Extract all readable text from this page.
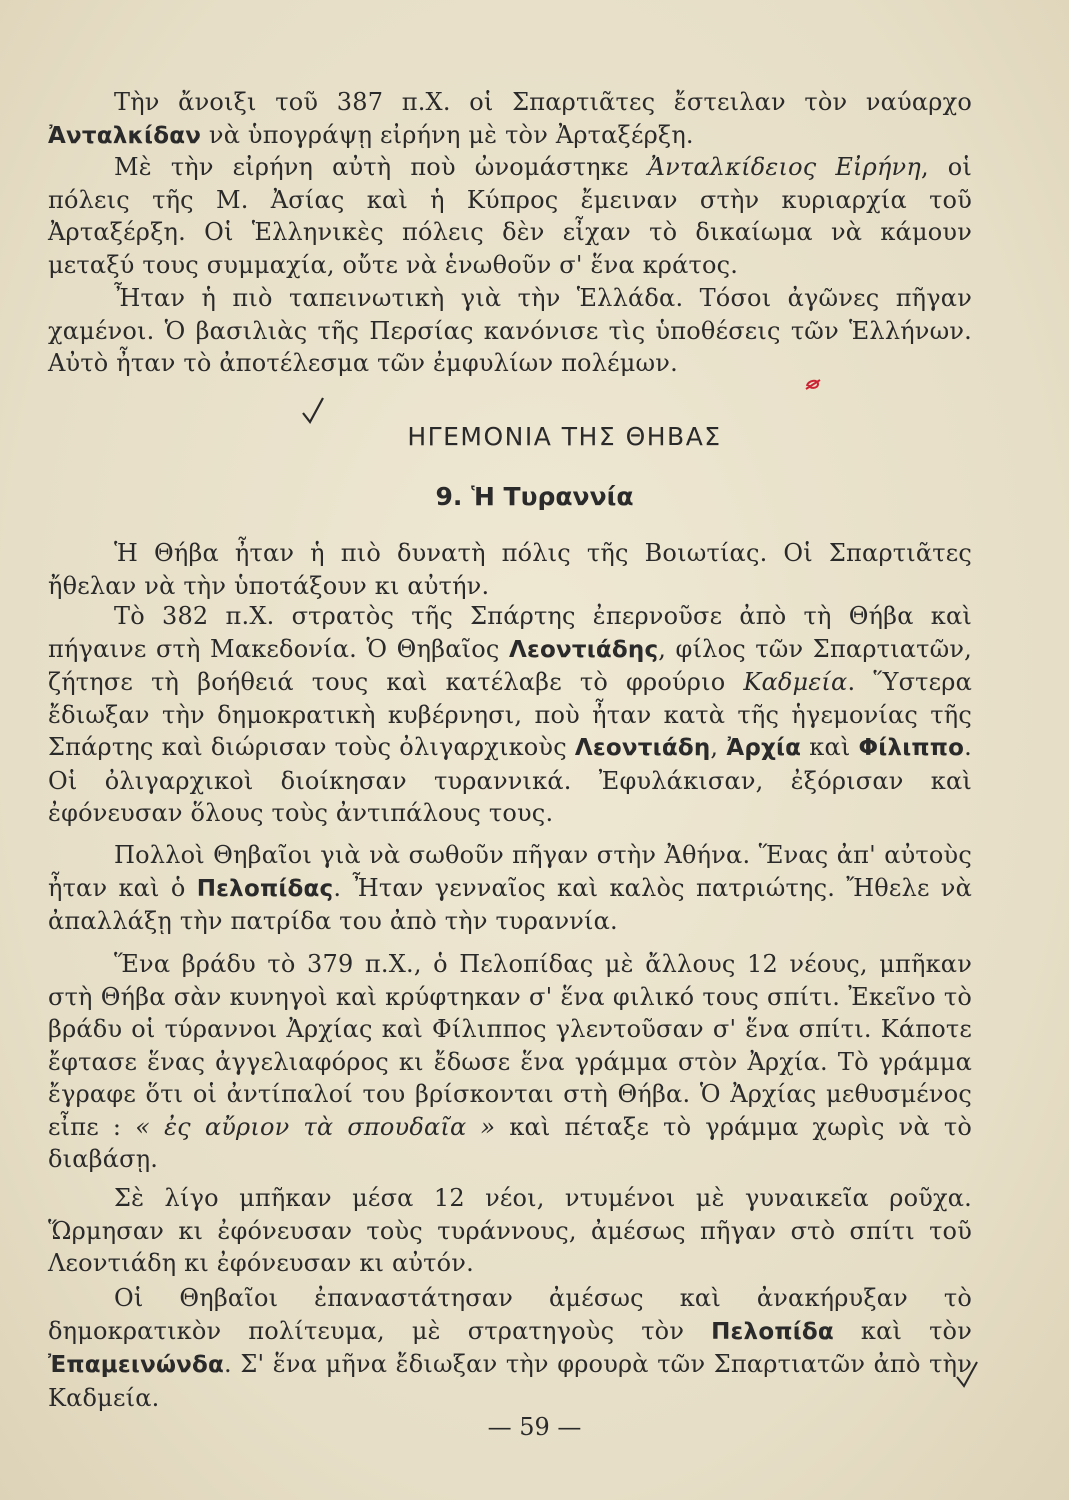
Τὴν ἄνοιξι τοῦ 387 π.Χ. οἱ Σπαρτιᾶτες ἔστειλαν τὸν ναύαρχο Ἀνταλκίδαν νὰ ὑπογράψῃ εἰρήνη μὲ τὸν Ἀρταξέρξη.

Μὲ τὴν εἰρήνη αὐτὴ ποὺ ὠνομάστηκε Ἀνταλκίδειος Εἰρήνη, οἱ πόλεις τῆς Μ. Ἀσίας καὶ ἡ Κύπρος ἔμειναν στὴν κυριαρχία τοῦ Ἀρταξέρξη. Οἱ Ἑλληνικὲς πόλεις δὲν εἶχαν τὸ δικαίωμα νὰ κάμουν μεταξύ τους συμμαχία, οὔτε νὰ ἑνωθοῦν σ' ἕνα κράτος.

Ἦταν ἡ πιὸ ταπεινωτικὴ γιὰ τὴν Ἑλλάδα. Τόσοι ἀγῶνες πῆγαν χαμένοι. Ὁ βασιλιὰς τῆς Περσίας κανόνισε τὶς ὑποθέσεις τῶν Ἑλλήνων. Αὐτὸ ἦταν τὸ ἀποτέλεσμα τῶν ἐμφυλίων πολέμων.

ΗΓΕΜΟΝΙΑ ΤΗΣ ΘΗΒΑΣ
9. Ἡ Τυραννία

Ἡ Θήβα ἦταν ἡ πιὸ δυνατὴ πόλις τῆς Βοιωτίας. Οἱ Σπαρτιᾶτες ἤθελαν νὰ τὴν ὑποτάξουν κι αὐτήν.

Τὸ 382 π.Χ. στρατὸς τῆς Σπάρτης ἐπερνοῦσε ἀπὸ τὴ Θήβα καὶ πήγαινε στὴ Μακεδονία. Ὁ Θηβαῖος Λεοντιάδης, φίλος τῶν Σπαρτιατῶν, ζήτησε τὴ βοήθειά τους καὶ κατέλαβε τὸ φρούριο Καδμεία. Ὕστερα ἔδιωξαν τὴν δημοκρατικὴ κυβέρνησι, ποὺ ἦταν κατὰ τῆς ἡγεμονίας τῆς Σπάρτης καὶ διώρισαν τοὺς ὀλιγαρχικοὺς Λεοντιάδη, Ἀρχία καὶ Φίλιππο. Οἱ ὀλιγαρχικοὶ διοίκησαν τυραννικά. Ἐφυλάκισαν, ἐξόρισαν καὶ ἐφόνευσαν ὅλους τοὺς ἀντιπάλους τους.

Πολλοὶ Θηβαῖοι γιὰ νὰ σωθοῦν πῆγαν στὴν Ἀθήνα. Ἕνας ἀπ' αὐτοὺς ἦταν καὶ ὁ Πελοπίδας. Ἦταν γενναῖος καὶ καλὸς πατριώτης. Ἤθελε νὰ ἀπαλλάξῃ τὴν πατρίδα του ἀπὸ τὴν τυραννία.

Ἕνα βράδυ τὸ 379 π.Χ., ὁ Πελοπίδας μὲ ἄλλους 12 νέους, μπῆκαν στὴ Θήβα σὰν κυνηγοὶ καὶ κρύφτηκαν σ' ἕνα φιλικό τους σπίτι. Ἐκεῖνο τὸ βράδυ οἱ τύραννοι Ἀρχίας καὶ Φίλιππος γλεντοῦσαν σ' ἕνα σπίτι. Κάποτε ἔφτασε ἕνας ἀγγελιαφόρος κι ἔδωσε ἕνα γράμμα στὸν Ἀρχία. Τὸ γράμμα ἔγραφε ὅτι οἱ ἀντίπαλοί του βρίσκονται στὴ Θήβα. Ὁ Ἀρχίας μεθυσμένος εἶπε : « ἐς αὔριον τὰ σπουδαῖα » καὶ πέταξε τὸ γράμμα χωρὶς νὰ τὸ διαβάσῃ.

Σὲ λίγο μπῆκαν μέσα 12 νέοι, ντυμένοι μὲ γυναικεῖα ροῦχα. Ὥρμησαν κι ἐφόνευσαν τοὺς τυράννους, ἀμέσως πῆγαν στὸ σπίτι τοῦ Λεοντιάδη κι ἐφόνευσαν κι αὐτόν.

Οἱ Θηβαῖοι ἐπαναστάτησαν ἀμέσως καὶ ἀνακήρυξαν τὸ δημοκρατικὸν πολίτευμα, μὲ στρατηγοὺς τὸν Πελοπίδα καὶ τὸν Ἐπαμεινώνδα. Σ' ἕνα μῆνα ἔδιωξαν τὴν φρουρὰ τῶν Σπαρτιατῶν ἀπὸ τὴν Καδμεία.

— 59 —
